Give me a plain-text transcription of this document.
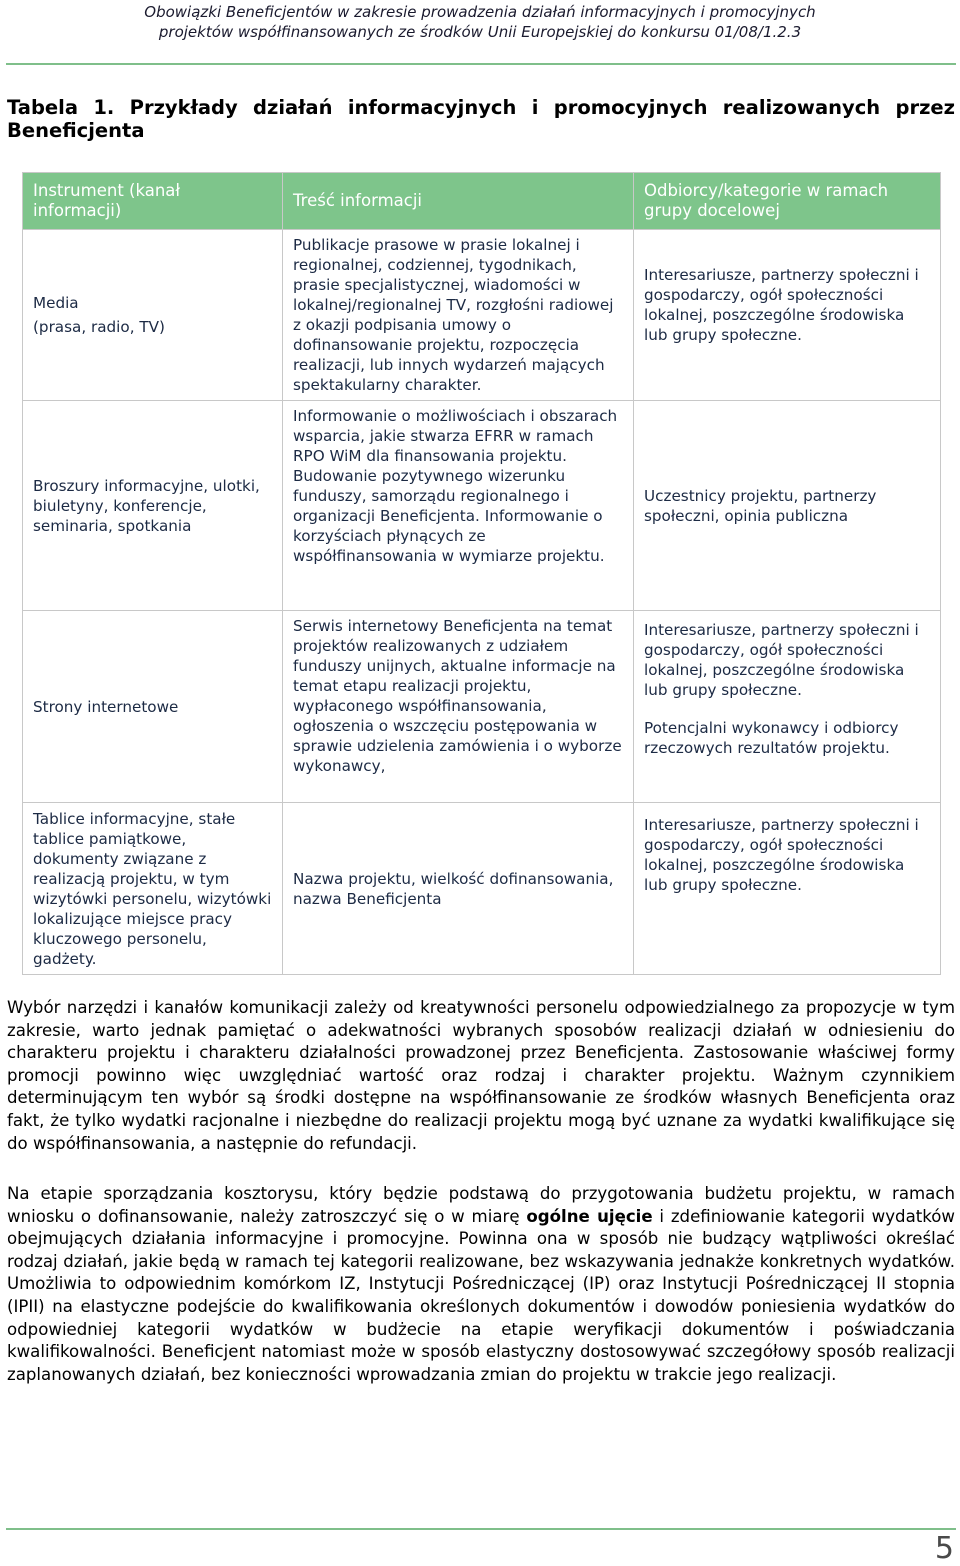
Obowiązki Beneficjentów w zakresie prowadzenia działań informacyjnych i promocyjnych
projektów współfinansowanych ze środków Unii Europejskiej do konkursu 01/08/1.2.3
Tabela 1. Przykłady działań informacyjnych i promocyjnych realizowanych przez Beneficjenta
Instrument (kanał informacji)	Treść informacji	Odbiorcy/kategorie w ramach grupy docelowej

Media
(prasa, radio, TV)	Publikacje prasowe w prasie lokalnej i regionalnej, codziennej, tygodnikach, prasie specjalistycznej, wiadomości w lokalnej/regionalnej TV, rozgłośni radiowej z okazji podpisania umowy o dofinansowanie projektu, rozpoczęcia realizacji, lub innych wydarzeń mających spektakularny charakter.	Interesariusze, partnerzy społeczni i gospodarczy, ogół społeczności lokalnej, poszczególne środowiska lub grupy społeczne.
Broszury informacyjne, ulotki, biuletyny, konferencje, seminaria, spotkania	Informowanie o możliwościach i obszarach wsparcia, jakie stwarza EFRR w ramach RPO WiM dla finansowania projektu. Budowanie pozytywnego wizerunku funduszy, samorządu regionalnego i organizacji Beneficjenta. Informowanie o korzyściach płynących ze współfinansowania w wymiarze projektu.	Uczestnicy projektu, partnerzy społeczni, opinia publiczna
Strony internetowe	Serwis internetowy Beneficjenta na temat projektów realizowanych z udziałem funduszy unijnych, aktualne informacje na temat etapu realizacji projektu, wypłaconego współfinansowania, ogłoszenia o wszczęciu postępowania w sprawie udzielenia zamówienia i o wyborze wykonawcy,	Interesariusze, partnerzy społeczni i gospodarczy, ogół społeczności lokalnej, poszczególne środowiska lub grupy społeczne.
Potencjalni wykonawcy i odbiorcy rzeczowych rezultatów projektu.

Tablice informacyjne, stałe tablice pamiątkowe, dokumenty związane z realizacją projektu, w tym wizytówki personelu, wizytówki lokalizujące miejsce pracy kluczowego personelu, gadżety.	Nazwa projektu, wielkość dofinansowania, nazwa Beneficjenta	Interesariusze, partnerzy społeczni i gospodarczy, ogół społeczności lokalnej, poszczególne środowiska lub grupy społeczne.
Wybór narzędzi i kanałów komunikacji zależy od kreatywności personelu odpowiedzialnego za propozycje w tym zakresie, warto jednak pamiętać o adekwatności wybranych sposobów realizacji działań w odniesieniu do charakteru projektu i charakteru działalności prowadzonej przez Beneficjenta. Zastosowanie właściwej formy promocji powinno więc uwzględniać wartość oraz rodzaj i charakter projektu. Ważnym czynnikiem determinującym ten wybór są środki dostępne na współfinansowanie ze środków własnych Beneficjenta oraz fakt, że tylko wydatki racjonalne i niezbędne do realizacji projektu mogą być uznane za wydatki kwalifikujące się do współfinansowania, a następnie do refundacji.
Na etapie sporządzania kosztorysu, który będzie podstawą do przygotowania budżetu projektu, w ramach wniosku o dofinansowanie, należy zatroszczyć się o w miarę ogólne ujęcie i zdefiniowanie kategorii wydatków obejmujących działania informacyjne i promocyjne. Powinna ona w sposób nie budzący wątpliwości określać rodzaj działań, jakie będą w ramach tej kategorii realizowane, bez wskazywania jednakże konkretnych wydatków. Umożliwia to odpowiednim komórkom IZ, Instytucji Pośredniczącej (IP) oraz Instytucji Pośredniczącej II stopnia (IPII) na elastyczne podejście do kwalifikowania określonych dokumentów i dowodów poniesienia wydatków do odpowiedniej kategorii wydatków w budżecie na etapie weryfikacji dokumentów i poświadczania kwalifikowalności. Beneficjent natomiast może w sposób elastyczny dostosowywać szczegółowy sposób realizacji zaplanowanych działań, bez konieczności wprowadzania zmian do projektu w trakcie jego realizacji.
5
